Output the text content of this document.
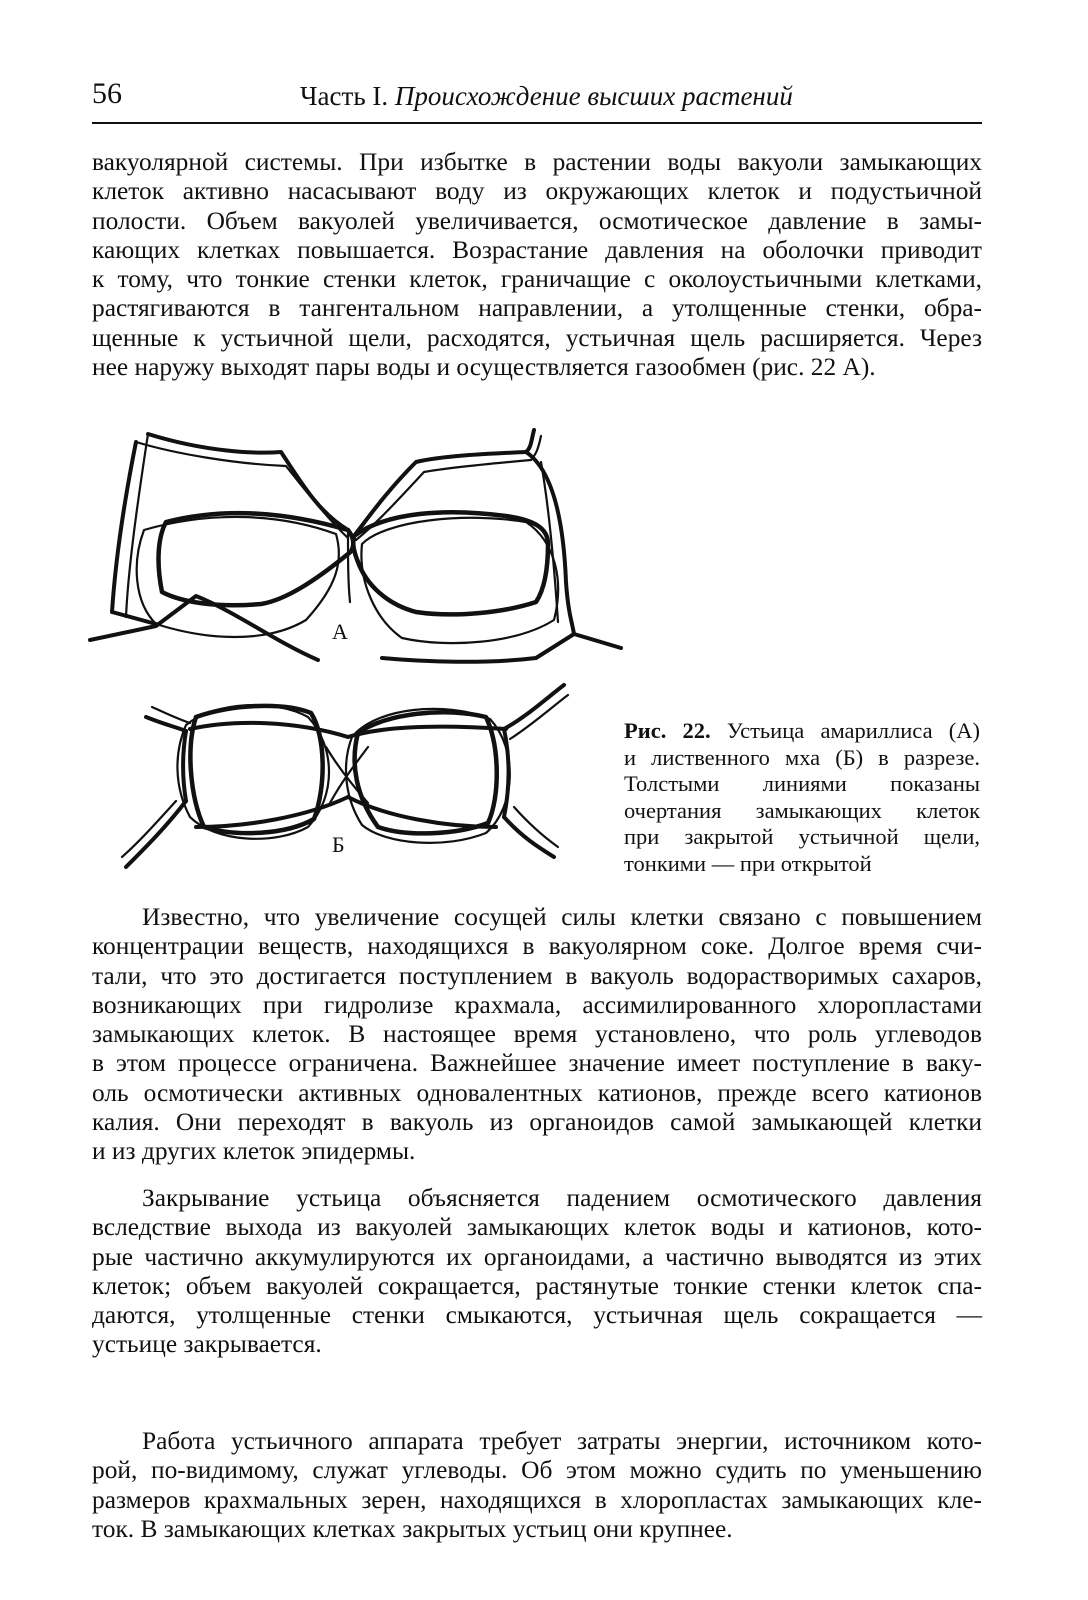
56	Часть I. Происхождение высших растений
вакуолярной системы. При избытке в растении воды вакуоли замыкающих
клеток активно насасывают воду из окружающих клеток и подустьичной
полости. Объем вакуолей увеличивается, осмотическое давление в замы-
кающих клетках повышается. Возрастание давления на оболочки приводит
к тому, что тонкие стенки клеток, граничащие с околоустьичными клетками,
растягиваются в тангентальном направлении, а утолщенные стенки, обра-
щенные к устьичной щели, расходятся, устьичная щель расширяется. Через
нее наружу выходят пары воды и осуществляется газообмен (рис. 22 А).
А
Б
Рис. 22. Устьица амариллиса (А)
и лиственного мха (Б) в разрезе.
Толстыми линиями показаны
очертания замыкающих клеток
при закрытой устьичной щели,
тонкими — при открытой
Известно, что увеличение сосущей силы клетки связано с повышением
концентрации веществ, находящихся в вакуолярном соке. Долгое время счи-
тали, что это достигается поступлением в вакуоль водорастворимых сахаров,
возникающих при гидролизе крахмала, ассимилированного хлоропластами
замыкающих клеток. В настоящее время установлено, что роль углеводов
в этом процессе ограничена. Важнейшее значение имеет поступление в ваку-
оль осмотически активных одновалентных катионов, прежде всего катионов
калия. Они переходят в вакуоль из органоидов самой замыкающей клетки
и из других клеток эпидермы.
Закрывание устьица объясняется падением осмотического давления
вследствие выхода из вакуолей замыкающих клеток воды и катионов, кото-
рые частично аккумулируются их органоидами, а частично выводятся из этих
клеток; объем вакуолей сокращается, растянутые тонкие стенки клеток спа-
даются, утолщенные стенки смыкаются, устьичная щель сокращается —
устьице закрывается.
Работа устьичного аппарата требует затраты энергии, источником кото-
рой, по-видимому, служат углеводы. Об этом можно судить по уменьшению
размеров крахмальных зерен, находящихся в хлоропластах замыкающих кле-
ток. В замыкающих клетках закрытых устьиц они крупнее.
